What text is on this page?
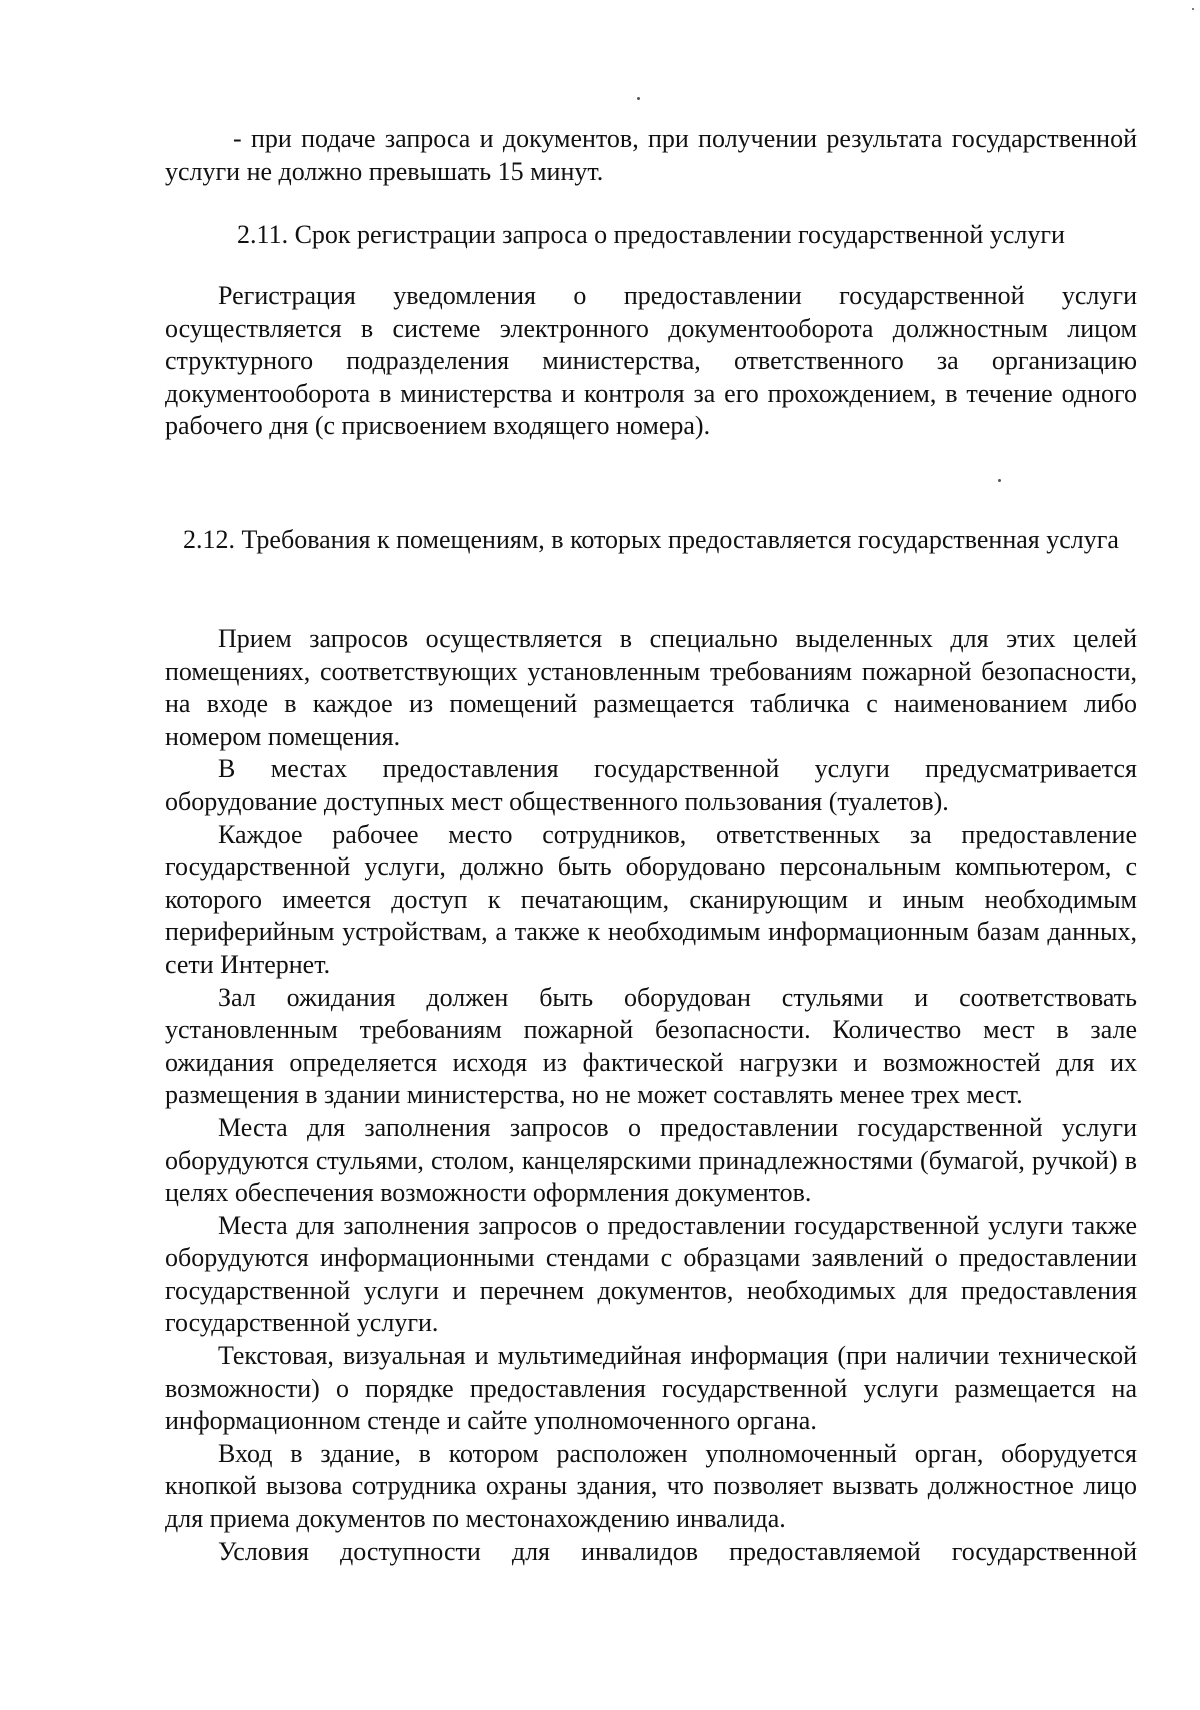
- при подаче запроса и документов, при получении результата государственной услуги не должно превышать 15 минут.
2.11. Срок регистрации запроса о предоставлении государственной услуги

Регистрация уведомления о предоставлении государственной услуги осуществляется в системе электронного документооборота должностным лицом структурного подразделения министерства, ответственного за организацию документооборота в министерства и контроля за его прохождением, в течение одного рабочего дня (с присвоением входящего номера).

2.12. Требования к помещениям, в которых предоставляется государственная услуга

Прием запросов осуществляется в специально выделенных для этих целей помещениях, соответствующих установленным требованиям пожарной безопасности, на входе в каждое из помещений размещается табличка с наименованием либо номером помещения.

В местах предоставления государственной услуги предусматривается оборудование доступных мест общественного пользования (туалетов).

Каждое рабочее место сотрудников, ответственных за предоставление государственной услуги, должно быть оборудовано персональным компьютером, с которого имеется доступ к печатающим, сканирующим и иным необходимым периферийным устройствам, а также к необходимым информационным базам данных, сети Интернет.

Зал ожидания должен быть оборудован стульями и соответствовать установленным требованиям пожарной безопасности. Количество мест в зале ожидания определяется исходя из фактической нагрузки и возможностей для их размещения в здании министерства, но не может составлять менее трех мест.

Места для заполнения запросов о предоставлении государственной услуги оборудуются стульями, столом, канцелярскими принадлежностями (бумагой, ручкой) в целях обеспечения возможности оформления документов.

Места для заполнения запросов о предоставлении государственной услуги также оборудуются информационными стендами с образцами заявлений о предоставлении государственной услуги и перечнем документов, необходимых для предоставления государственной услуги.

Текстовая, визуальная и мультимедийная информация (при наличии технической возможности) о порядке предоставления государственной услуги размещается на информационном стенде и сайте уполномоченного органа.

Вход в здание, в котором расположен уполномоченный орган, оборудуется кнопкой вызова сотрудника охраны здания, что позволяет вызвать должностное лицо для приема документов по местонахождению инвалида.

Условия доступности для инвалидов предоставляемой государственной
